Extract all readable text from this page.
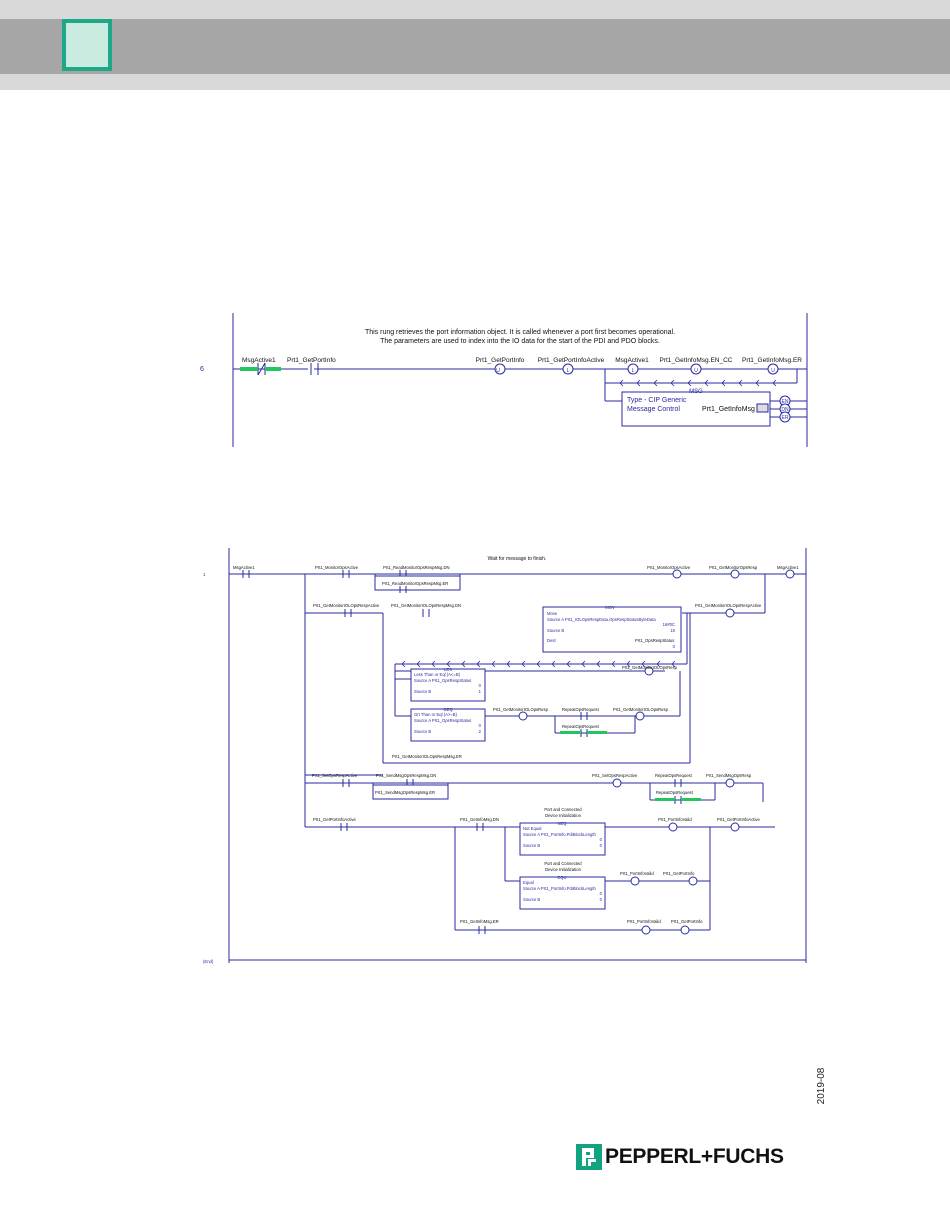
6
This rung retrieves the port information object. It is called whenever a port first becomes operational.
The parameters are used to index into the IO data for the start of the PDI and PDO blocks.
MsgActive1 Prt1_GetPortInfo	Prt1_GetPortInfo Prt1_GetPortInfoActive MsgActive1 Prt1_GetInfoMsg.EN_CC Prt1_GetInfoMsg.ER
U	L	L	U	U
MSG
Type - CIP Generic
Message Control	Prt1_GetInfoMsg
EN
DN
ER
1
(End)
Wait for message to finish.
MsgActive1	Prt1_MonitorOpsActive	Prt1_ReadMonitorOpsRespMsg.DN
Prt1_ReadMonitorOpsRespMsg.ER
Prt1_MonitorOpsActive	Prt1_GetMonitorOpsResp	MsgActive1
Prt1_GetMonitorIOLOpsRespActive	Prt1_GetMonitorIOLOpsRespMsg.DN
Prt1_GetMonitorIOLOpsRespMsg.ER
Prt1_GetMonitorIOLOpsRespActive
Prt1_GetMonitorIOLOpsResp
Prt1_GetMonitorIOLOpsResp	RepeatOpsRequest
RepeatOpsRequest
Prt1_GetMonitorIOLOpsResp
Prt1_SetOpsRespActive	Prt1_SendMsgOpsRespMsg.DN
Prt1_SendMsgOpsRespMsg.ER
Prt1_SetOpsRespActive	RepeatOpsRequest
RepeatOpsRequest
Prt1_SendMsgOpsResp
Prt1_GetPortInfoActive	Prt1_GetInfoMsg.DN
Prt1_GetInfoMsg.ER
Prt1_PortInfoValid	Prt1_GetPortInfoActive
Prt1_PortInfoValid Prt1_GetPortInfo
Prt1_PortInfoValid Prt1_GetPortInfo
Port and Connected
Device Initialization
Port and Connected
Device Initialization
MOV
Move
Source A Prt1_IOLOpsRespData.OpsRespStatusByteData
16#0C
Source B	16
Dest	Prt1_OpsRespStatus
0
LES
Less Than or Eql (A<=B)
Source A Prt1_OpsRespStatus
0
Source B	1
GEQ
Grt Than or Eql (A>=B)
Source A Prt1_OpsRespStatus
0
Source B	2
NEQ
Not Equal
Source A Prt1_PortInfo.PdiBlockLength
0
Source B	0
EQU
Equal
Source A Prt1_PortInfo.PdiBlockLength
0
Source B	0
2019-08
PEPPERL+FUCHS
